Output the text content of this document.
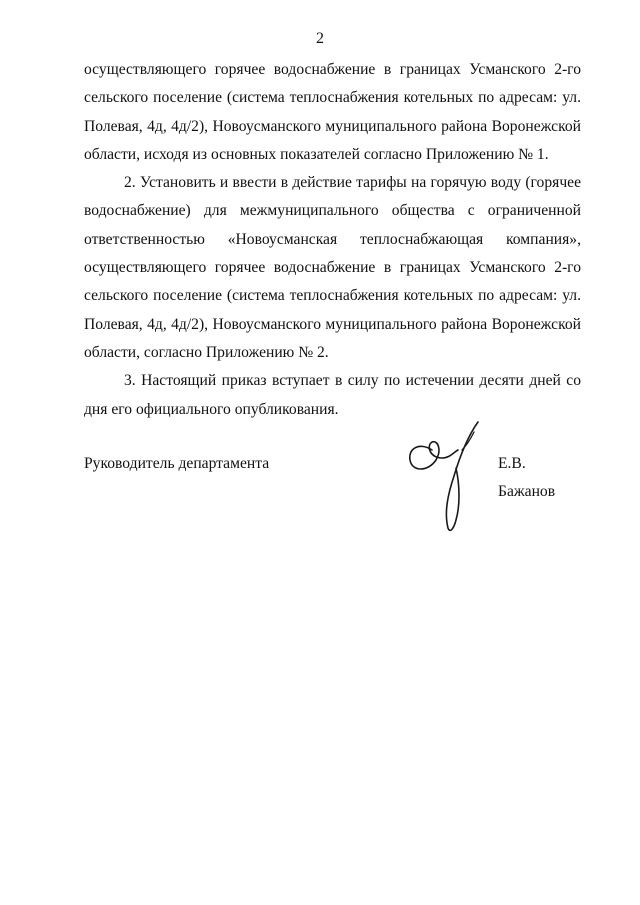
2

осуществляющего горячее водоснабжение в границах Усманского 2-го сельского поселение (система теплоснабжения котельных по адресам: ул. Полевая, 4д, 4д/2), Новоусманского муниципального района Воронежской области, исходя из основных показателей согласно Приложению № 1.

2. Установить и ввести в действие тарифы на горячую воду (горячее водоснабжение) для межмуниципального общества с ограниченной ответственностью «Новоусманская теплоснабжающая компания», осуществляющего горячее водоснабжение в границах Усманского 2-го сельского поселение (система теплоснабжения котельных по адресам: ул. Полевая, 4д, 4д/2), Новоусманского муниципального района Воронежской области, согласно Приложению № 2.

3. Настоящий приказ вступает в силу по истечении десяти дней со дня его официального опубликования.

Руководитель департамента	Е.В. Бажанов
